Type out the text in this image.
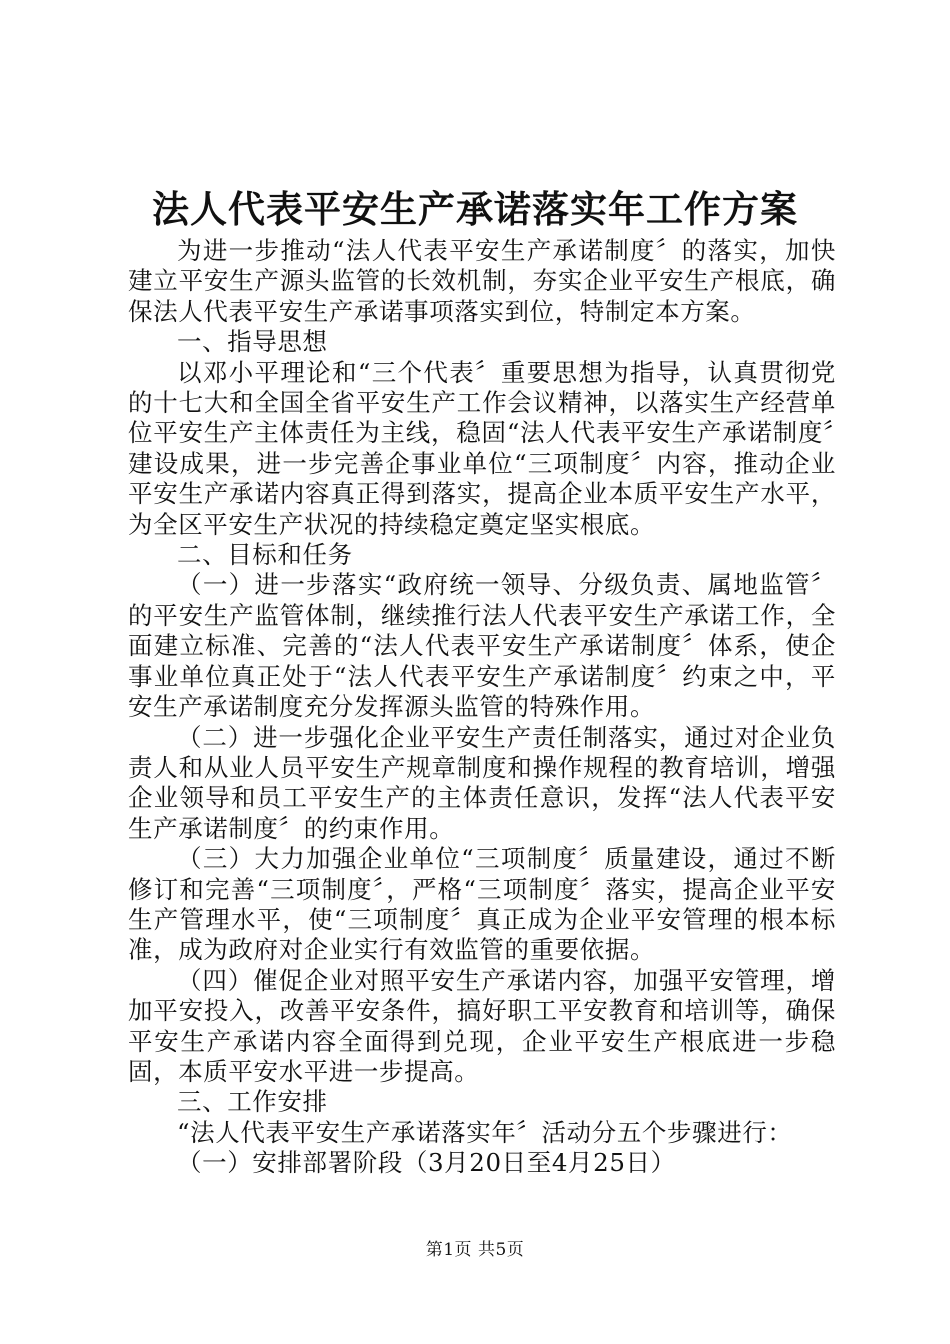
法人代表平安生产承诺落实年工作方案

为进一步推动“法人代表平安生产承诺制度〞的落实，加快建立平安生产源头监管的长效机制，夯实企业平安生产根底，确保法人代表平安生产承诺事项落实到位，特制定本方案。

一、指导思想

以邓小平理论和“三个代表〞重要思想为指导，认真贯彻党的十七大和全国全省平安生产工作会议精神，以落实生产经营单位平安生产主体责任为主线，稳固“法人代表平安生产承诺制度〞建设成果，进一步完善企事业单位“三项制度〞内容，推动企业平安生产承诺内容真正得到落实，提高企业本质平安生产水平，为全区平安生产状况的持续稳定奠定坚实根底。

二、目标和任务

（一）进一步落实“政府统一领导、分级负责、属地监管〞的平安生产监管体制，继续推行法人代表平安生产承诺工作，全面建立标准、完善的“法人代表平安生产承诺制度〞体系，使企事业单位真正处于“法人代表平安生产承诺制度〞约束之中，平安生产承诺制度充分发挥源头监管的特殊作用。

（二）进一步强化企业平安生产责任制落实，通过对企业负责人和从业人员平安生产规章制度和操作规程的教育培训，增强企业领导和员工平安生产的主体责任意识，发挥“法人代表平安生产承诺制度〞的约束作用。

（三）大力加强企业单位“三项制度〞质量建设，通过不断修订和完善“三项制度〞，严格“三项制度〞落实，提高企业平安生产管理水平，使“三项制度〞真正成为企业平安管理的根本标准，成为政府对企业实行有效监管的重要依据。

（四）催促企业对照平安生产承诺内容，加强平安管理，增加平安投入，改善平安条件，搞好职工平安教育和培训等，确保平安生产承诺内容全面得到兑现，企业平安生产根底进一步稳固，本质平安水平进一步提高。

三、工作安排

“法人代表平安生产承诺落实年〞活动分五个步骤进行：

（一）安排部署阶段（3月20日至4月25日）

第1页 共5页
